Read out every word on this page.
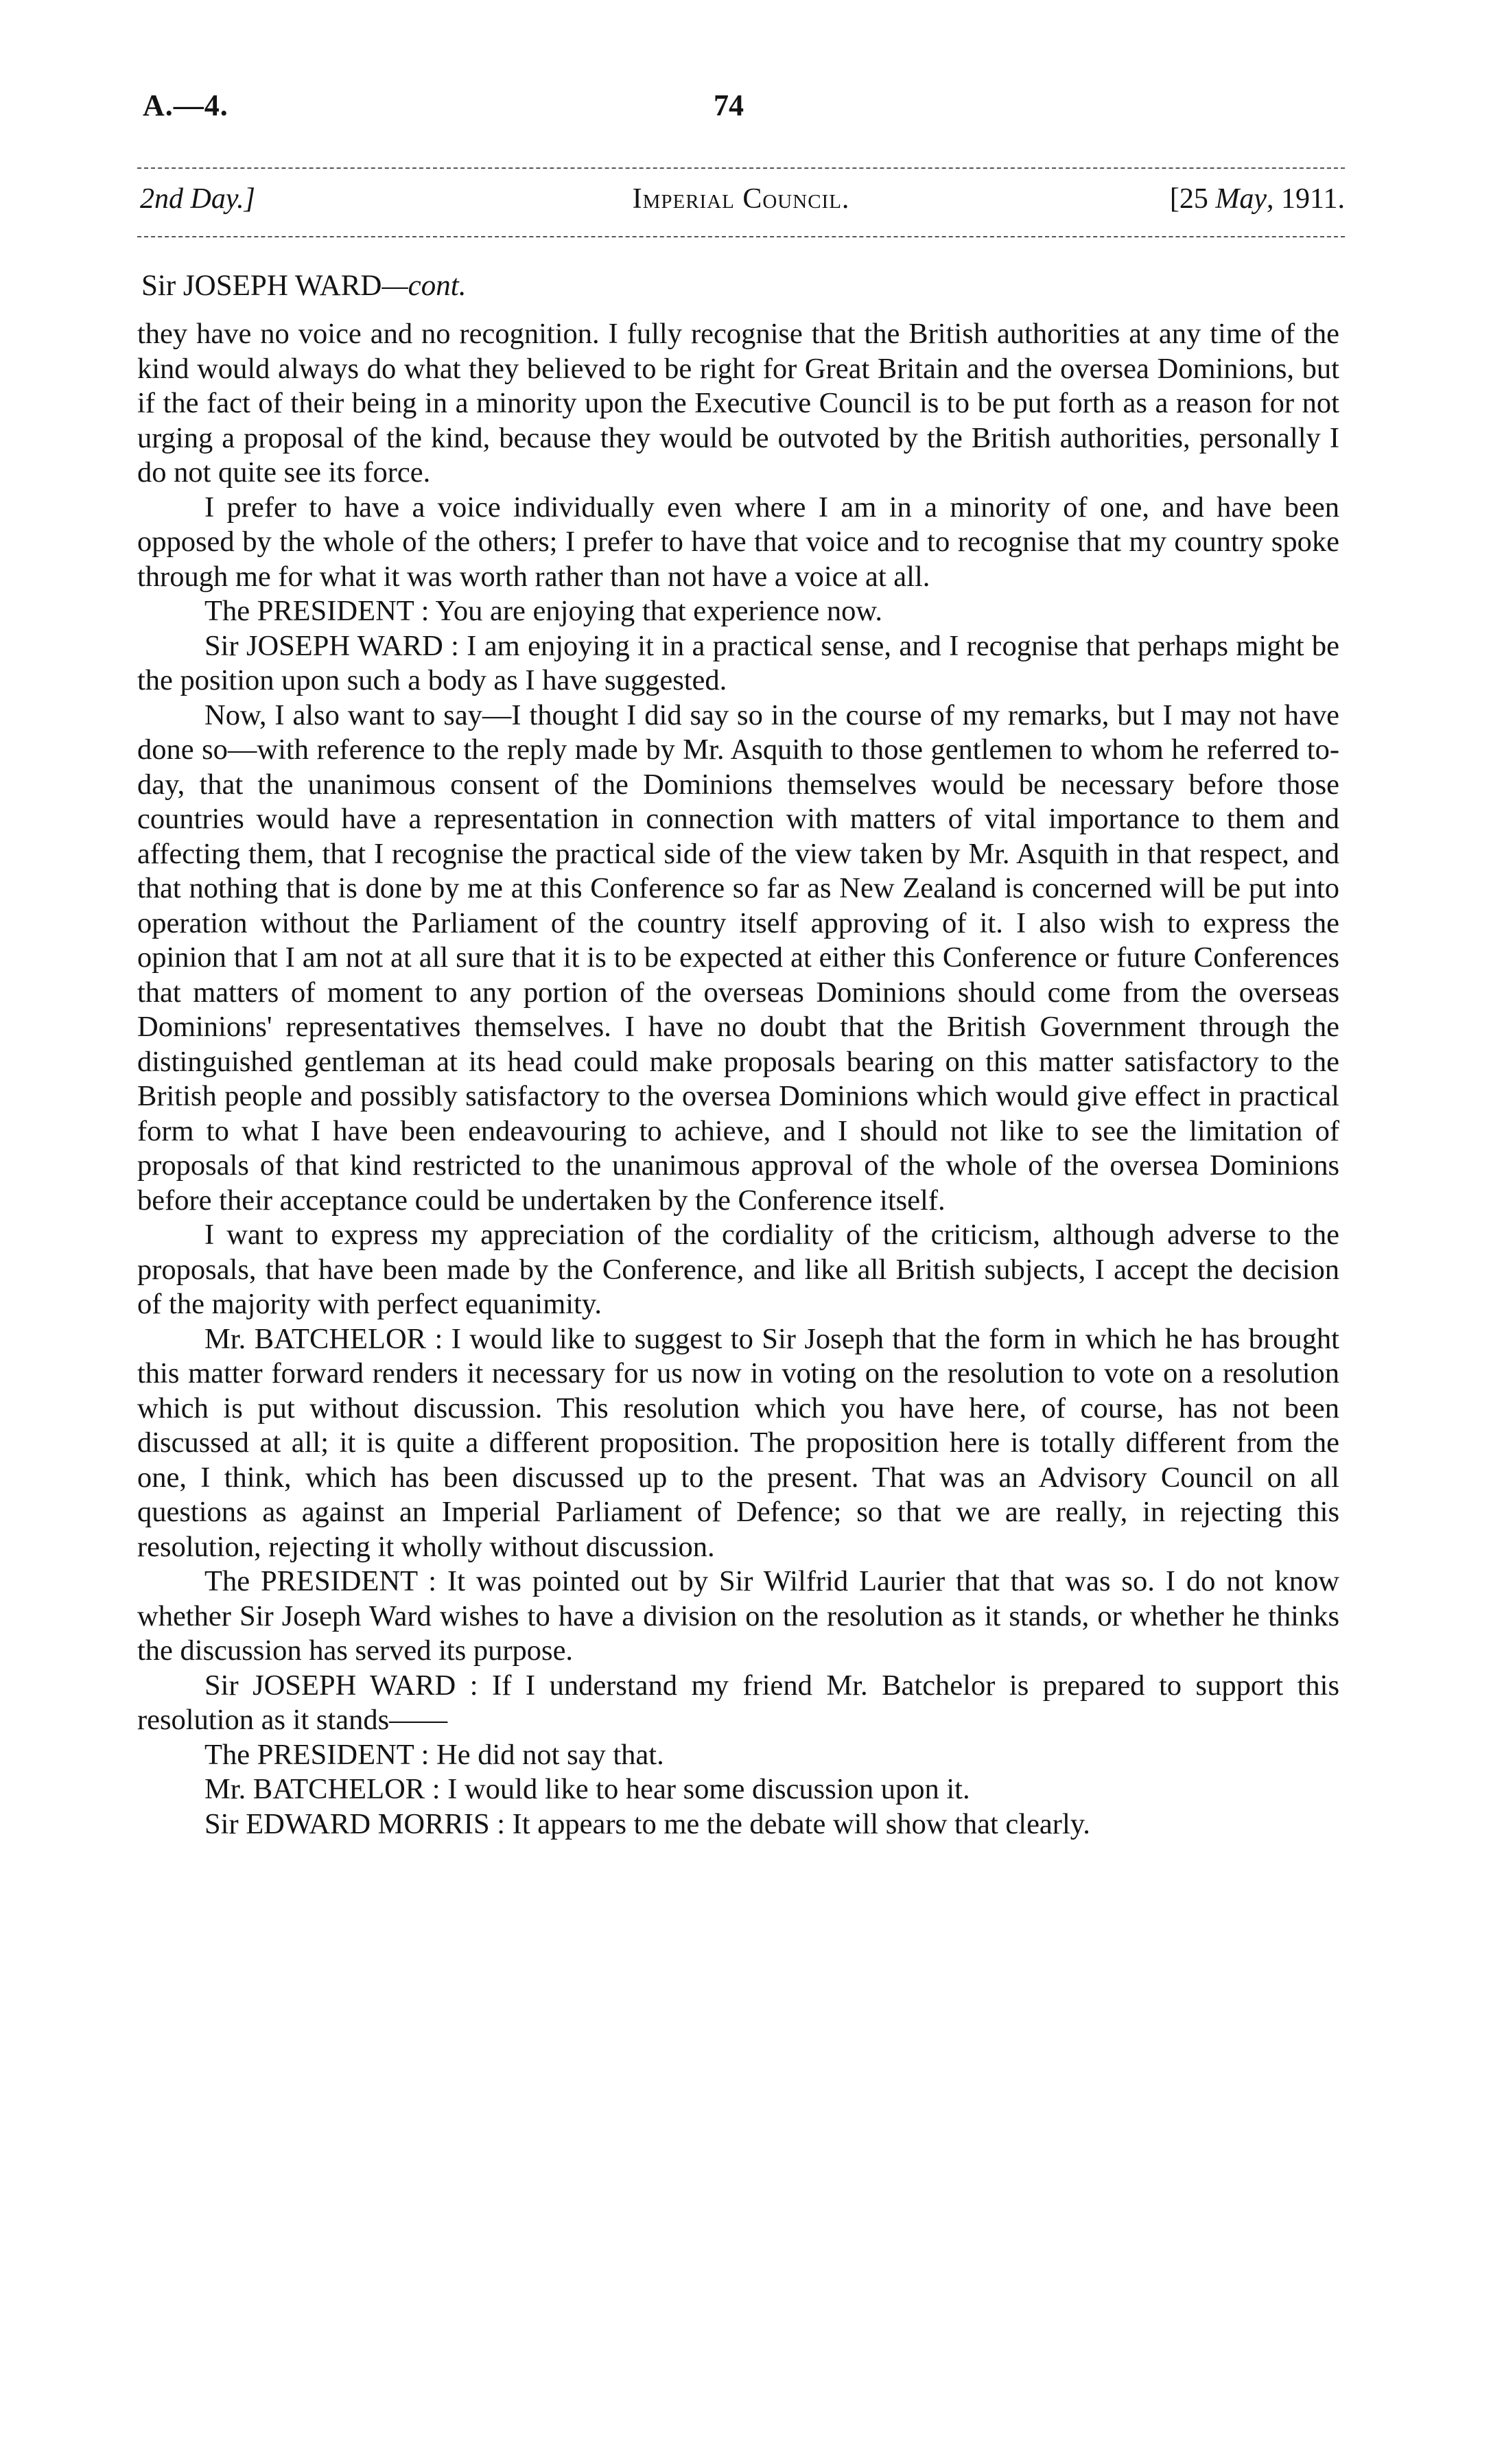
A.—4.	74
2nd Day.]	Imperial Council.	[25 May, 1911.
Sir JOSEPH WARD—cont.

they have no voice and no recognition. I fully recognise that the British authorities at any time of the kind would always do what they believed to be right for Great Britain and the oversea Dominions, but if the fact of their being in a minority upon the Executive Council is to be put forth as a reason for not urging a proposal of the kind, because they would be outvoted by the British authorities, personally I do not quite see its force.

I prefer to have a voice individually even where I am in a minority of one, and have been opposed by the whole of the others; I prefer to have that voice and to recognise that my country spoke through me for what it was worth rather than not have a voice at all.

The PRESIDENT : You are enjoying that experience now.

Sir JOSEPH WARD : I am enjoying it in a practical sense, and I recognise that perhaps might be the position upon such a body as I have suggested.

Now, I also want to say—I thought I did say so in the course of my remarks, but I may not have done so—with reference to the reply made by Mr. Asquith to those gentlemen to whom he referred to-day, that the unanimous consent of the Dominions themselves would be necessary before those countries would have a representation in connection with matters of vital importance to them and affecting them, that I recognise the practical side of the view taken by Mr. Asquith in that respect, and that nothing that is done by me at this Conference so far as New Zealand is concerned will be put into operation without the Parliament of the country itself approving of it. I also wish to express the opinion that I am not at all sure that it is to be expected at either this Conference or future Conferences that matters of moment to any portion of the overseas Dominions should come from the overseas Dominions' representatives themselves. I have no doubt that the British Government through the distinguished gentleman at its head could make proposals bearing on this matter satisfactory to the British people and possibly satisfactory to the oversea Dominions which would give effect in practical form to what I have been endeavouring to achieve, and I should not like to see the limitation of proposals of that kind restricted to the unanimous approval of the whole of the oversea Dominions before their acceptance could be undertaken by the Conference itself.

I want to express my appreciation of the cordiality of the criticism, although adverse to the proposals, that have been made by the Conference, and like all British subjects, I accept the decision of the majority with perfect equanimity.

Mr. BATCHELOR : I would like to suggest to Sir Joseph that the form in which he has brought this matter forward renders it necessary for us now in voting on the resolution to vote on a resolution which is put without discussion. This resolution which you have here, of course, has not been discussed at all; it is quite a different proposition. The proposition here is totally different from the one, I think, which has been discussed up to the present. That was an Advisory Council on all questions as against an Imperial Parliament of Defence; so that we are really, in rejecting this resolution, rejecting it wholly without discussion.

The PRESIDENT : It was pointed out by Sir Wilfrid Laurier that that was so. I do not know whether Sir Joseph Ward wishes to have a division on the resolution as it stands, or whether he thinks the discussion has served its purpose.

Sir JOSEPH WARD : If I understand my friend Mr. Batchelor is prepared to support this resolution as it stands——

The PRESIDENT : He did not say that.

Mr. BATCHELOR : I would like to hear some discussion upon it.

Sir EDWARD MORRIS : It appears to me the debate will show that clearly.
